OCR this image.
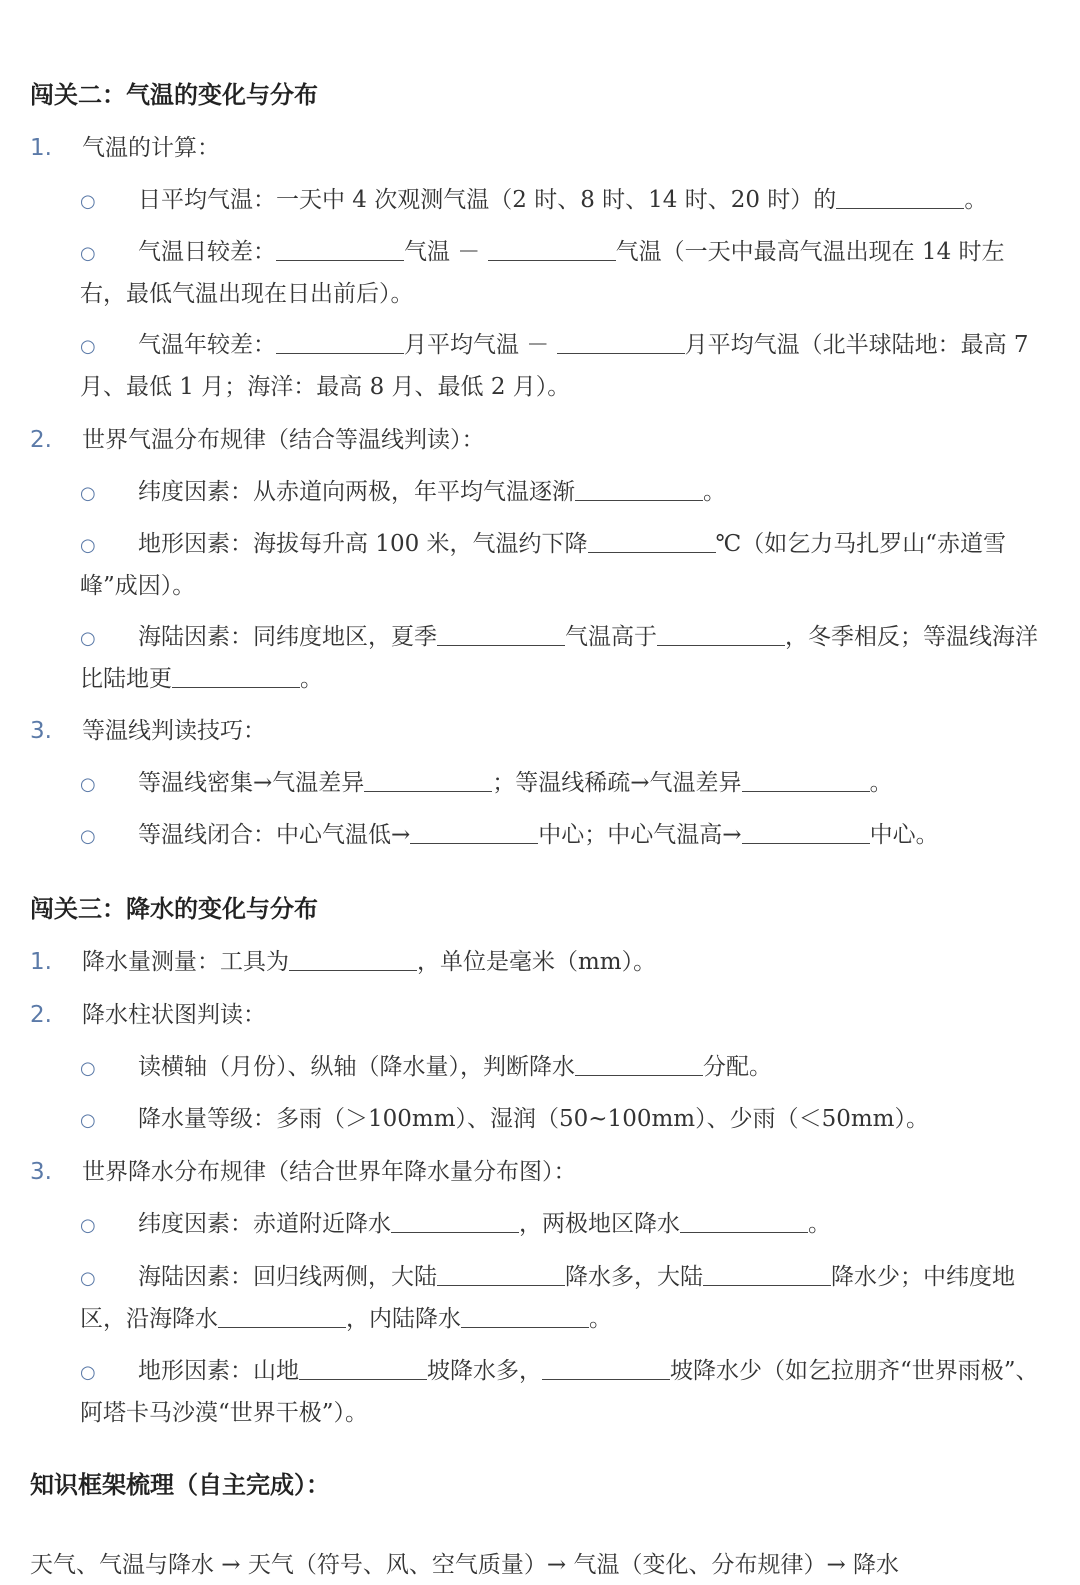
闯关二：气温的变化与分布
1. 气温的计算：
○ 日平均气温：一天中 4 次观测气温（2 时、8 时、14 时、20 时）的	。
○ 气温日较差：	气温 －	气温（一天中最高气温出现在 14 时左右，最低气温出现在日出前后）。
○ 气温年较差：	月平均气温 －	月平均气温（北半球陆地：最高 7 月、最低 1 月；海洋：最高 8 月、最低 2 月）。
2. 世界气温分布规律（结合等温线判读）：
○ 纬度因素：从赤道向两极，年平均气温逐渐	。
○ 地形因素：海拔每升高 100 米，气温约下降	℃（如乞力马扎罗山“赤道雪峰”成因）。
○ 海陆因素：同纬度地区，夏季	气温高于	，冬季相反；等温线海洋比陆地更	。
3. 等温线判读技巧：
○ 等温线密集→气温差异	；等温线稀疏→气温差异	。
○ 等温线闭合：中心气温低→	中心；中心气温高→	中心。
闯关三：降水的变化与分布
1. 降水量测量：工具为	，单位是毫米（mm）。
2. 降水柱状图判读：
○ 读横轴（月份）、纵轴（降水量），判断降水	分配。
○ 降水量等级：多雨（＞100mm）、湿润（50~100mm）、少雨（＜50mm）。
3. 世界降水分布规律（结合世界年降水量分布图）：
○ 纬度因素：赤道附近降水	，两极地区降水	。
○ 海陆因素：回归线两侧，大陆	降水多，大陆	降水少；中纬度地区，沿海降水	，内陆降水	。
○ 地形因素：山地	坡降水多，	坡降水少（如乞拉朋齐“世界雨极”、阿塔卡马沙漠“世界干极”）。
知识框架梳理（自主完成）：
天气、气温与降水 → 天气（符号、风、空气质量）→ 气温（变化、分布规律）→ 降水
